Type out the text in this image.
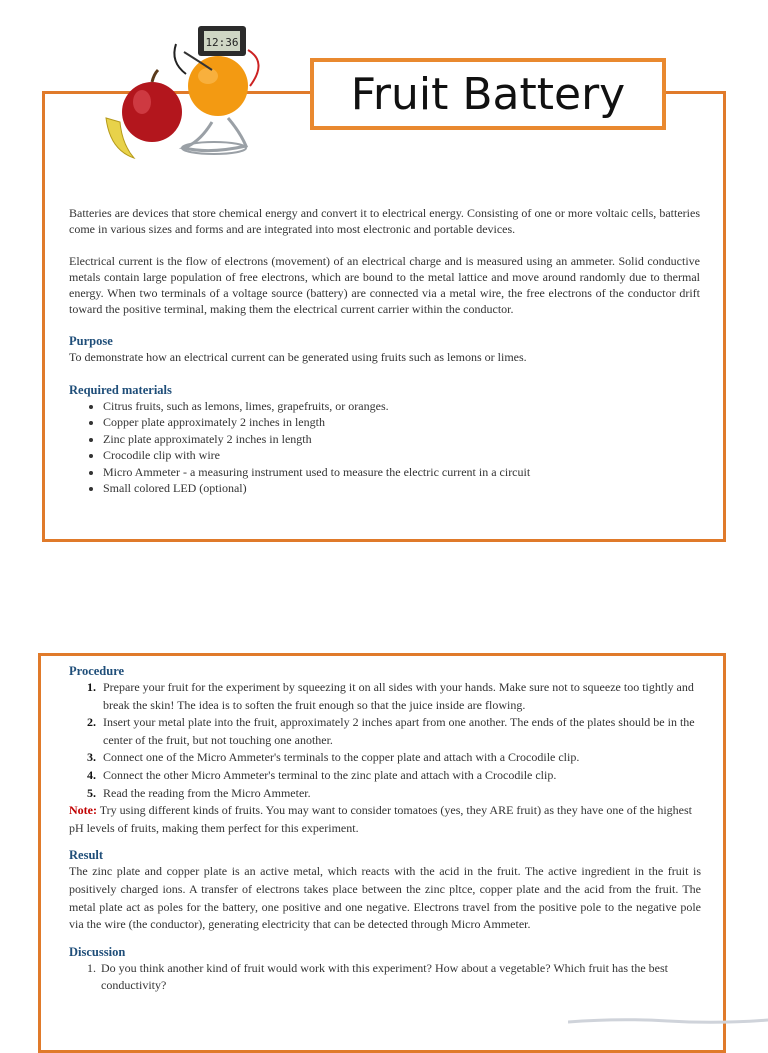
12:36
Fruit Battery

Batteries are devices that store chemical energy and convert it to electrical energy. Consisting of one or more voltaic cells, batteries come in various sizes and forms and are integrated into most electronic and portable devices.

Electrical current is the flow of electrons (movement) of an electrical charge and is measured using an ammeter. Solid conductive metals contain large population of free electrons, which are bound to the metal lattice and move around randomly due to thermal energy. When two terminals of a voltage source (battery) are connected via a metal wire, the free electrons of the conductor drift toward the positive terminal, making them the electrical current carrier within the conductor.

Purpose

To demonstrate how an electrical current can be generated using fruits such as lemons or limes.

Required materials

• Citrus fruits, such as lemons, limes, grapefruits, or oranges.
• Copper plate approximately 2 inches in length
• Zinc plate approximately 2 inches in length
• Crocodile clip with wire
• Micro Ammeter - a measuring instrument used to measure the electric current in a circuit
• Small colored LED (optional)

Procedure

1. Prepare your fruit for the experiment by squeezing it on all sides with your hands. Make sure not to squeeze too tightly and break the skin! The idea is to soften the fruit enough so that the juice inside are flowing.
2. Insert your metal plate into the fruit, approximately 2 inches apart from one another. The ends of the plates should be in the center of the fruit, but not touching one another.
3. Connect one of the Micro Ammeter's terminals to the copper plate and attach with a Crocodile clip.
4. Connect the other Micro Ammeter's terminal to the zinc plate and attach with a Crocodile clip.
5. Read the reading from the Micro Ammeter.
Note: Try using different kinds of fruits. You may want to consider tomatoes (yes, they ARE fruit) as they have one of the highest pH levels of fruits, making them perfect for this experiment.

Result

The zinc plate and copper plate is an active metal, which reacts with the acid in the fruit. The active ingredient in the fruit is positively charged ions. A transfer of electrons takes place between the zinc pltce, copper plate and the acid from the fruit. The metal plate act as poles for the battery, one positive and one negative. Electrons travel from the positive pole to the negative pole via the wire (the conductor), generating electricity that can be detected through Micro Ammeter.

Discussion

1. Do you think another kind of fruit would work with this experiment? How about a vegetable? Which fruit has the best conductivity?
